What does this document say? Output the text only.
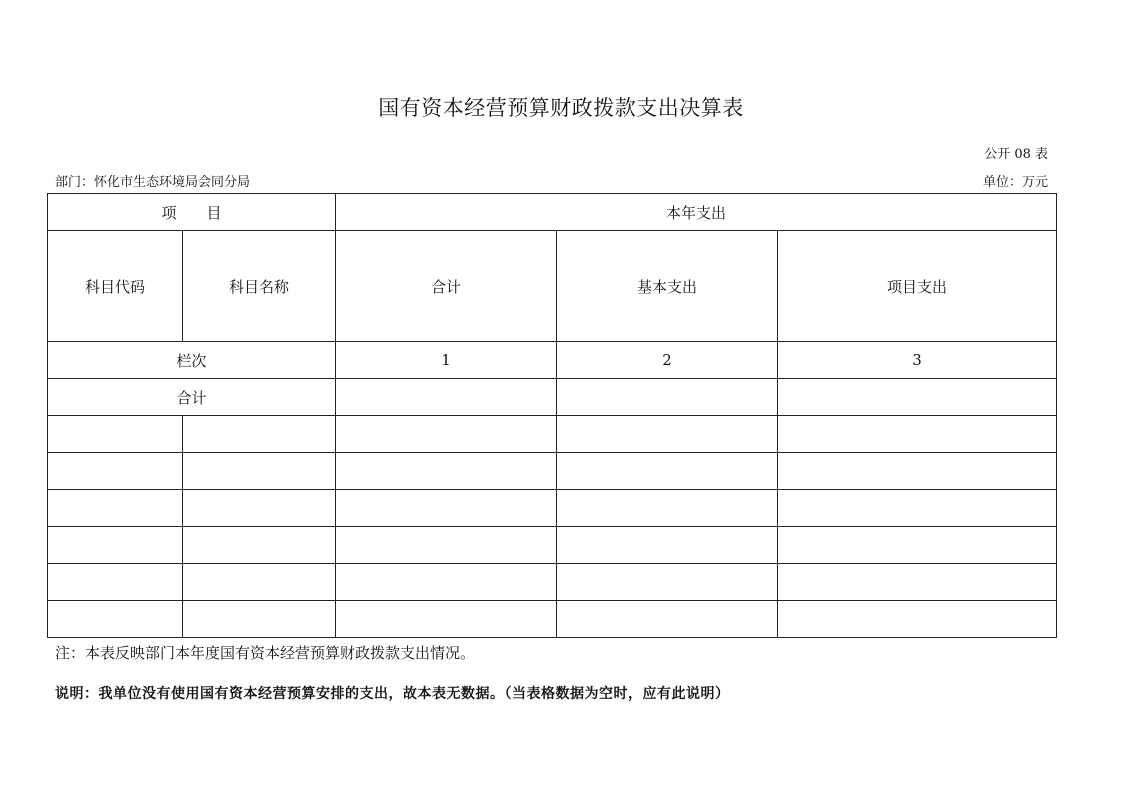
国有资本经营预算财政拨款支出决算表
公开 08 表
部门：怀化市生态环境局会同分局	单位：万元
项　　目		本年支出		
科目代码	科目名称	合计	基本支出	项目支出
栏次		1	2	3
合计				

注：本表反映部门本年度国有资本经营预算财政拨款支出情况。
说明：我单位没有使用国有资本经营预算安排的支出，故本表无数据。（当表格数据为空时，应有此说明）
